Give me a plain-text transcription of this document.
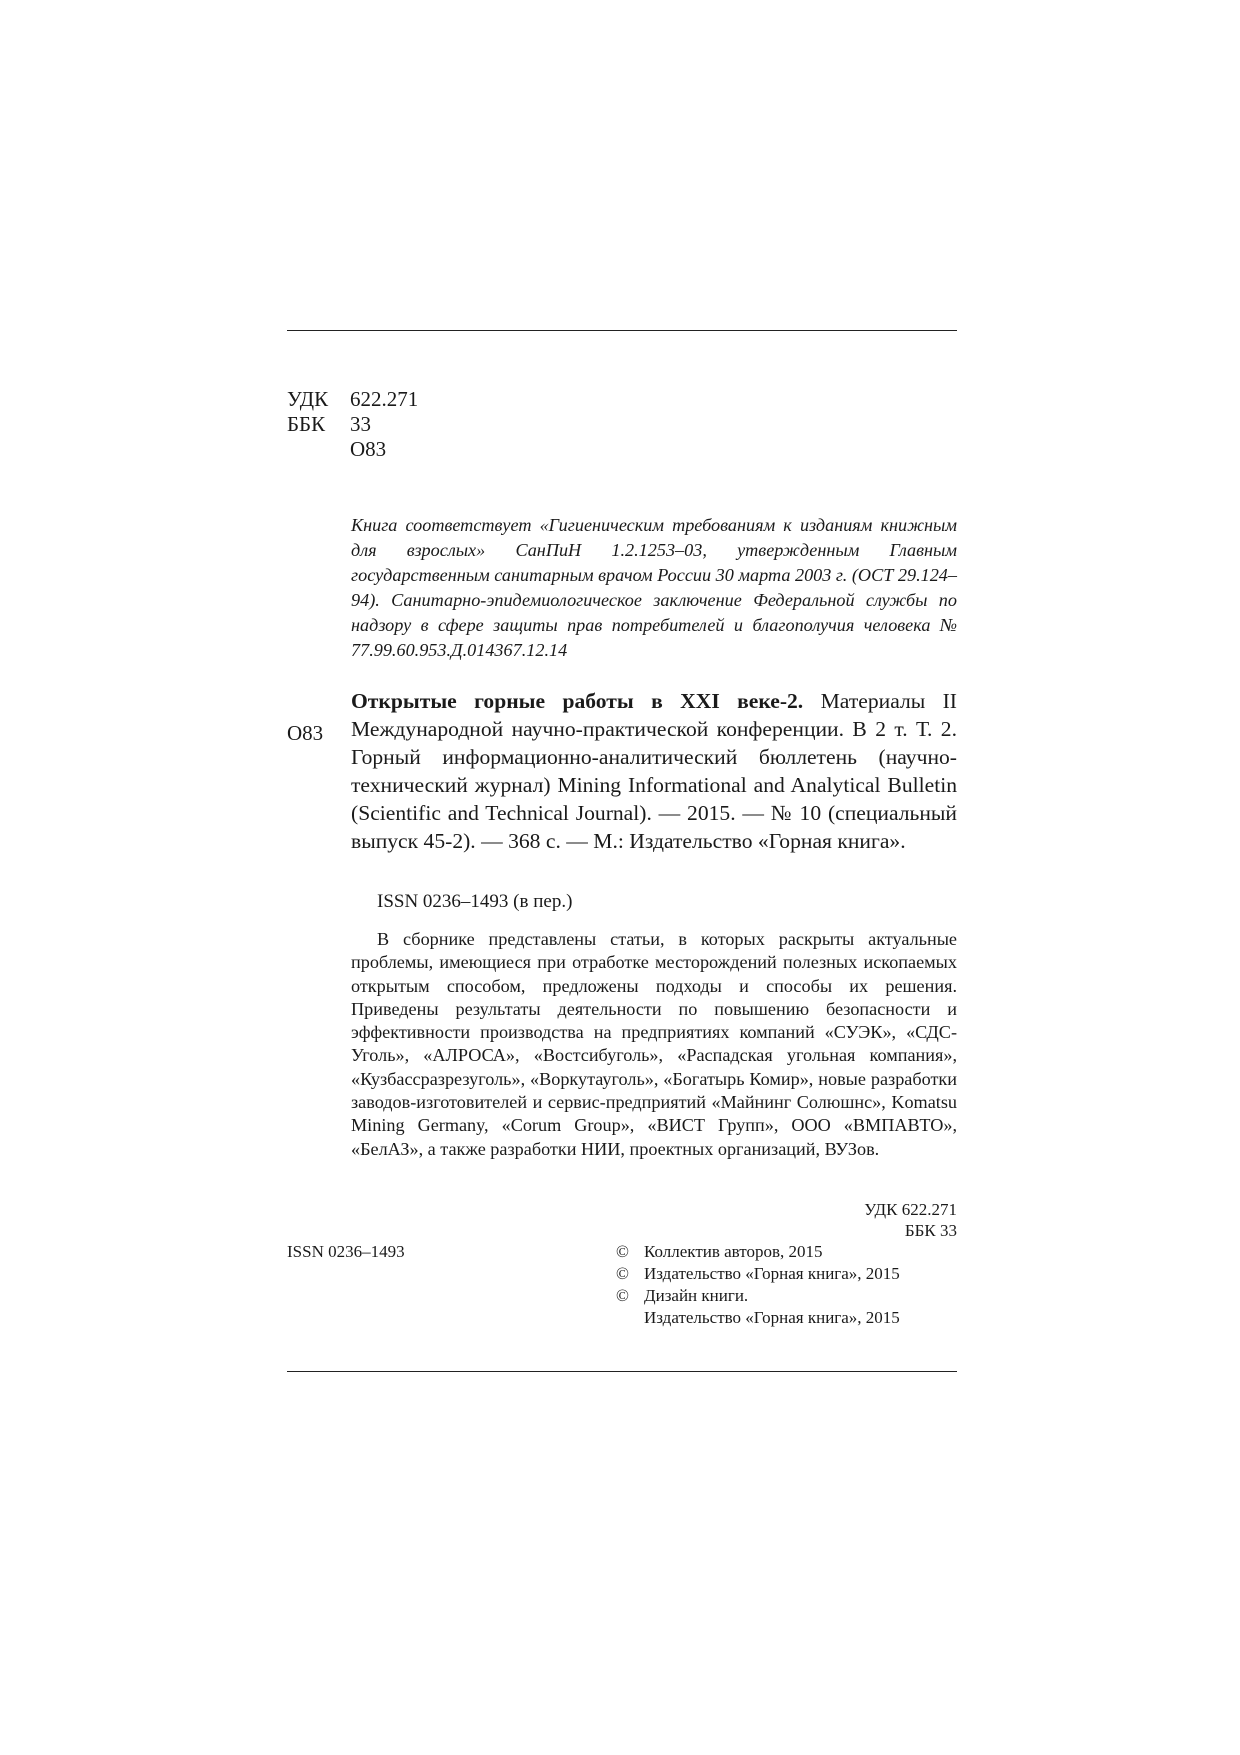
УДК	622.271
ББК	33
О83
Книга соответствует «Гигиеническим требованиям к изданиям книжным для взрослых» СанПиН 1.2.1253–03, утвержденным Главным государственным санитарным врачом России 30 марта 2003 г. (ОСТ 29.124–94). Санитарно-эпидемиологическое заключение Федеральной службы по надзору в сфере защиты прав потребителей и благополучия человека № 77.99.60.953.Д.014367.12.14
О83
Открытые горные работы в XXI веке-2. Материалы II Международной научно-практической конференции. В 2 т. Т. 2. Горный информационно-аналитический бюллетень (научно-технический журнал) Mining Informational and Analytical Bulletin (Scientific and Technical Journal). — 2015. — № 10 (специальный выпуск 45-2). — 368 с. — М.: Издательство «Горная книга».
ISSN 0236–1493 (в пер.)
В сборнике представлены статьи, в которых раскрыты актуальные проблемы, имеющиеся при отработке месторождений полезных ископаемых открытым способом, предложены подходы и способы их решения. Приведены результаты деятельности по повышению безопасности и эффективности производства на предприятиях компаний «СУЭК», «СДС-Уголь», «АЛРОСА», «Востсибуголь», «Распадская угольная компания», «Кузбассразрезуголь», «Воркутауголь», «Богатырь Комир», новые разработки заводов-изготовителей и сервис-предприятий «Майнинг Солюшнс», Komatsu Mining Germany, «Corum Group», «ВИСТ Групп», ООО «ВМПАВТО», «БелАЗ», а также разработки НИИ, проектных организаций, ВУЗов.
УДК 622.271
ББК 33
ISSN 0236–1493	© Коллектив авторов, 2015
© Издательство «Горная книга», 2015
© Дизайн книги.
Издательство «Горная книга», 2015
